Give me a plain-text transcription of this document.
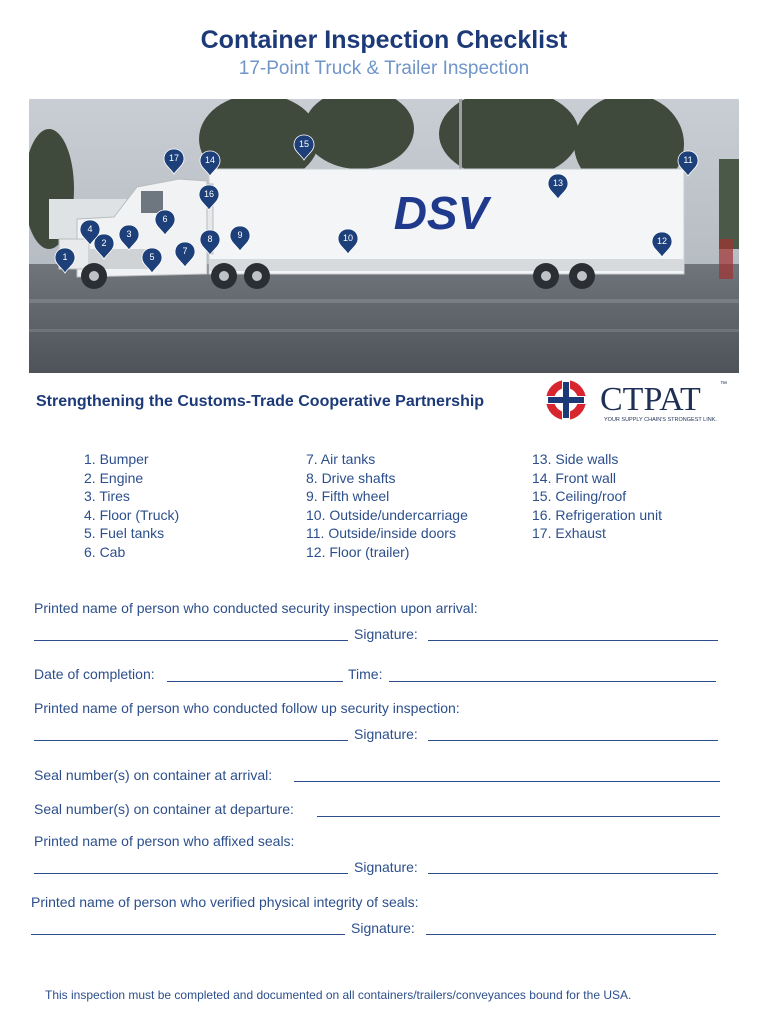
Container Inspection Checklist
17-Point Truck & Trailer Inspection
DSV
1
2
3
4
5
6
7
8	9	10
11
12
13
14
15
16
17
Strengthening the Customs-Trade Cooperative Partnership	CTPAT	™
YOUR SUPPLY CHAIN'S STRONGEST LINK.
1. Bumper
2. Engine
3. Tires
4. Floor (Truck)
5. Fuel tanks
6. Cab
7. Air tanks
8. Drive shafts
9. Fifth wheel
10. Outside/undercarriage
11. Outside/inside doors
12. Floor (trailer)
13. Side walls
14. Front wall
15. Ceiling/roof
16. Refrigeration unit
17. Exhaust
Printed name of person who conducted security inspection upon arrival:
Signature:
Date of completion:	Time:
Printed name of person who conducted follow up security inspection:
Signature:
Seal number(s) on container at arrival:
Seal number(s) on container at departure:
Printed name of person who affixed seals:
Signature:
Printed name of person who verified physical integrity of seals:
Signature:
This inspection must be completed and documented on all containers/trailers/conveyances bound for the USA.
